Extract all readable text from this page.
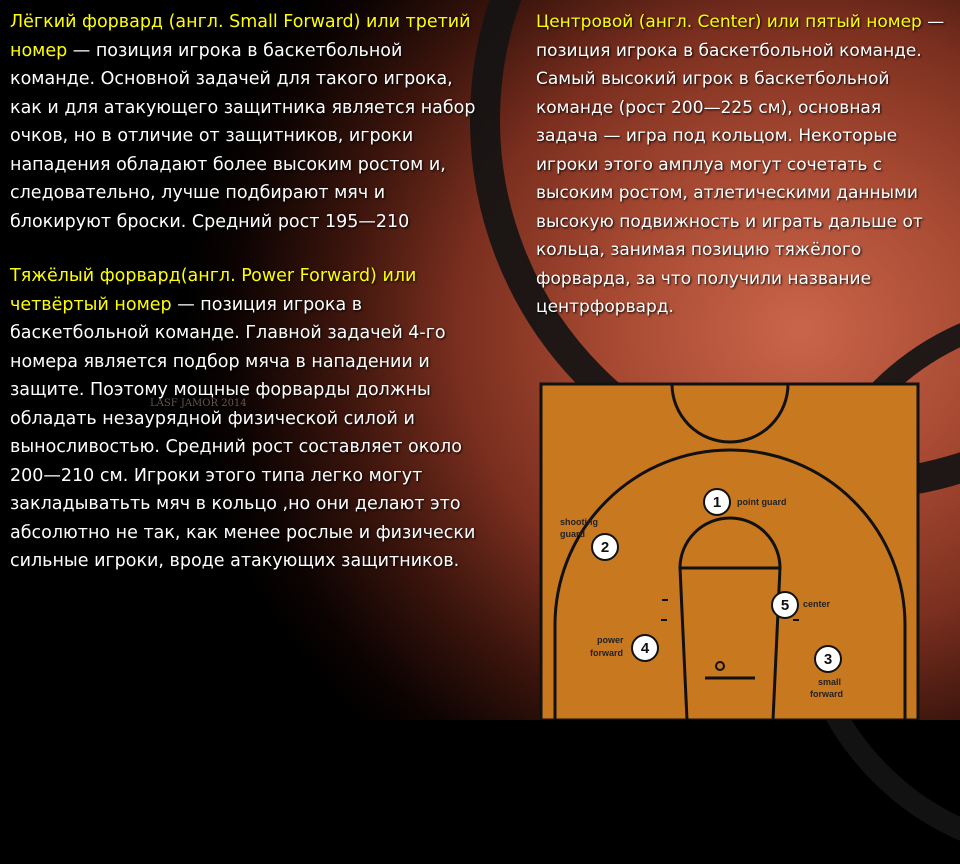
Лёгкий форвард (англ. Small Forward) или третий номер — позиция игрока в баскетбольной команде. Основной задачей для такого игрока, как и для атакующего защитника является набор очков, но в отличие от защитников, игроки нападения обладают более высоким ростом и, следовательно, лучше подбирают мяч и блокируют броски. Средний рост 195—210

Тяжёлый форвард(англ. Power Forward) или четвёртый номер — позиция игрока в баскетбольной команде. Главной задачей 4-го номера является подбор мяча в нападении и защите. Поэтому мощные форварды должны обладать незаурядной физической силой и выносливостью. Средний рост составляет около 200—210 см. Игроки этого типа легко могут закладыватьть мяч в кольцо ,но они делают это абсолютно не так, как менее рослые и физически сильные игроки, вроде атакующих защитников.

LASF JAMOR 2014

Центровой (англ. Center) или пятый номер — позиция игрока в баскетбольной команде. Самый высокий игрок в баскетбольной команде (рост 200—225 см), основная задача — игра под кольцом. Некоторые игроки этого амплуа могут сочетать с высоким ростом, атлетическими данными высокую подвижность и играть дальше от кольца, занимая позицию тяжёлого форварда, за что получили название центрфорвард.

1 point guard
2
shooting
guard
3
small
forward
4
power
forward
5 center
